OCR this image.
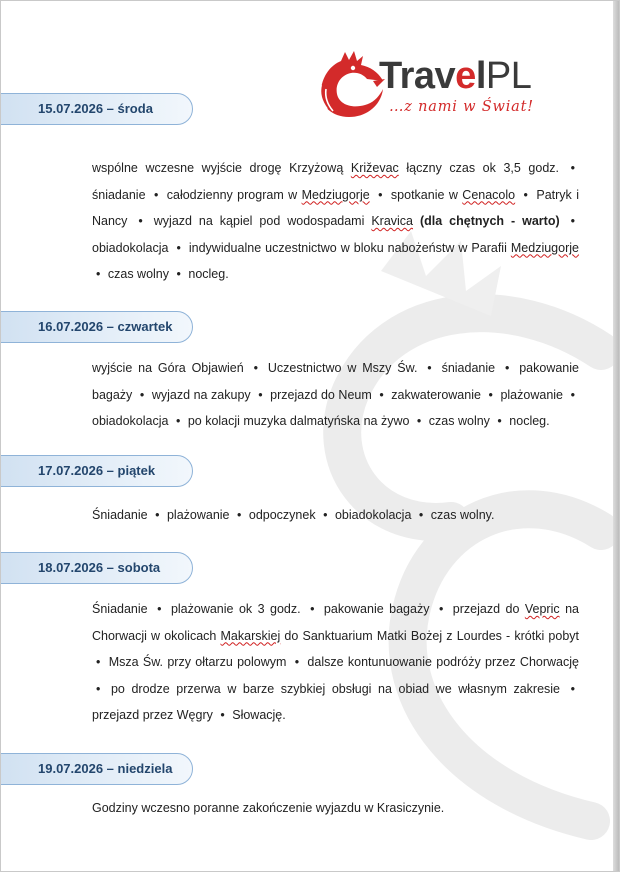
TravelPL
…z nami w Świat!
15.07.2026 – środa
wspólne wczesne wyjście drogę Krzyżową Križevac łączny czas ok 3,5 godz. • śniadanie • całodzienny program w Medziugorje • spotkanie w Cenacolo • Patryk i Nancy • wyjazd na kąpiel pod wodospadami Kravica (dla chętnych - warto) • obiadokolacja • indywidualne uczestnictwo w bloku nabożeństw w Parafii Medziugorje • czas wolny • nocleg.
16.07.2026 – czwartek
wyjście na Góra Objawień • Uczestnictwo w Mszy Św. • śniadanie • pakowanie bagaży • wyjazd na zakupy • przejazd do Neum • zakwaterowanie • plażowanie • obiadokolacja • po kolacji muzyka dalmatyńska na żywo • czas wolny • nocleg.
17.07.2026 – piątek
Śniadanie • plażowanie • odpoczynek • obiadokolacja • czas wolny.
18.07.2026 – sobota
Śniadanie • plażowanie ok 3 godz. • pakowanie bagaży • przejazd do Vepric na Chorwacji w okolicach Makarskiej do Sanktuarium Matki Bożej z Lourdes - krótki pobyt • Msza Św. przy ołtarzu polowym • dalsze kontunuowanie podróży przez Chorwację • po drodze przerwa w barze szybkiej obsługi na obiad we własnym zakresie • przejazd przez Węgry • Słowację.
19.07.2026 – niedziela
Godziny wczesno poranne zakończenie wyjazdu w Krasiczynie.
